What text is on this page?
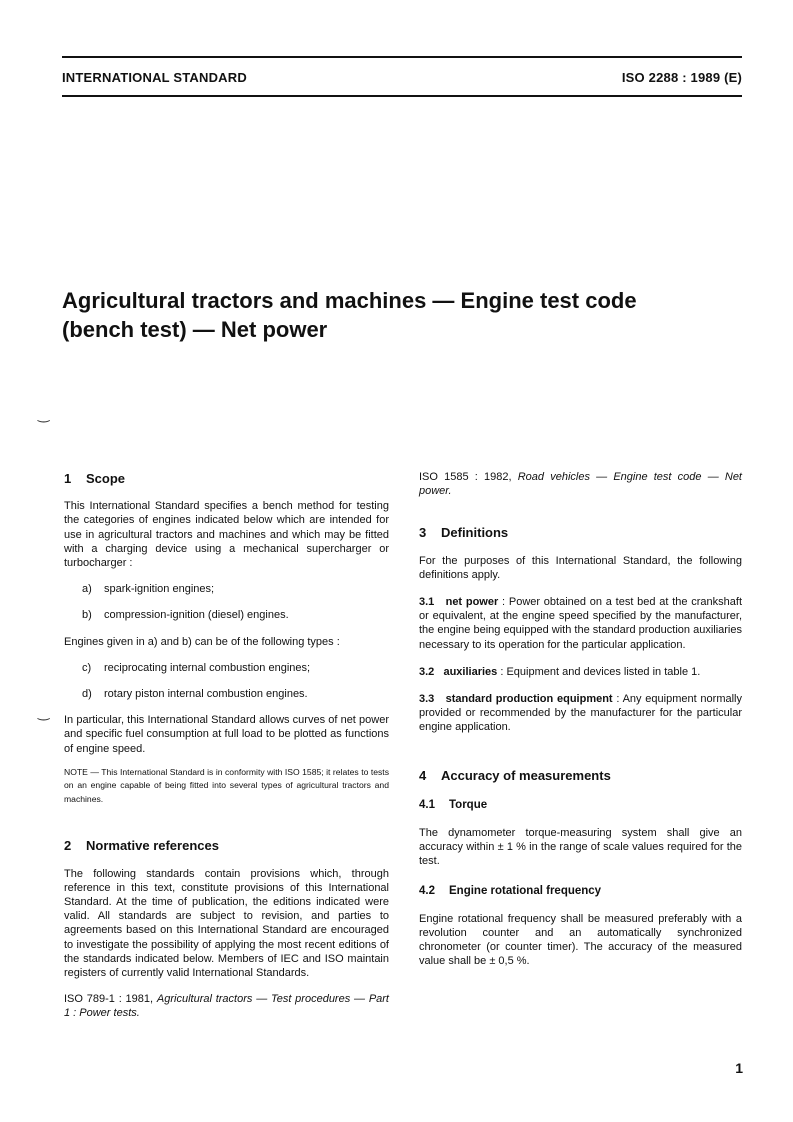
INTERNATIONAL STANDARD	ISO 2288 : 1989 (E)
Agricultural tractors and machines — Engine test code
(bench test) — Net power
‿
‿
1 Scope

This International Standard specifies a bench method for testing the categories of engines indicated below which are intended for use in agricultural tractors and machines and which may be fitted with a charging device using a mechanical supercharger or turbocharger :

a) spark-ignition engines;
b) compression-ignition (diesel) engines.

Engines given in a) and b) can be of the following types :

c) reciprocating internal combustion engines;
d) rotary piston internal combustion engines.

In particular, this International Standard allows curves of net power and specific fuel consumption at full load to be plotted as functions of engine speed.

NOTE — This International Standard is in conformity with ISO 1585; it relates to tests on an engine capable of being fitted into several types of agricultural tractors and machines.

2 Normative references

The following standards contain provisions which, through reference in this text, constitute provisions of this International Standard. At the time of publication, the editions indicated were valid. All standards are subject to revision, and parties to agreements based on this International Standard are encouraged to investigate the possibility of applying the most recent editions of the standards indicated below. Members of IEC and ISO maintain registers of currently valid International Standards.

ISO 789-1 : 1981, Agricultural tractors — Test procedures — Part 1 : Power tests.

ISO 1585 : 1982, Road vehicles — Engine test code — Net power.

3 Definitions

For the purposes of this International Standard, the following definitions apply.

3.1 net power : Power obtained on a test bed at the crankshaft or equivalent, at the engine speed specified by the manufacturer, the engine being equipped with the standard production auxiliaries necessary to its operation for the particular application.

3.2 auxiliaries : Equipment and devices listed in table 1.

3.3 standard production equipment : Any equipment normally provided or recommended by the manufacturer for the particular engine application.

4 Accuracy of measurements
4.1 Torque

The dynamometer torque-measuring system shall give an accuracy within ± 1 % in the range of scale values required for the test.

4.2 Engine rotational frequency

Engine rotational frequency shall be measured preferably with a revolution counter and an automatically synchronized chronometer (or counter timer). The accuracy of the measured value shall be ± 0,5 %.

1
